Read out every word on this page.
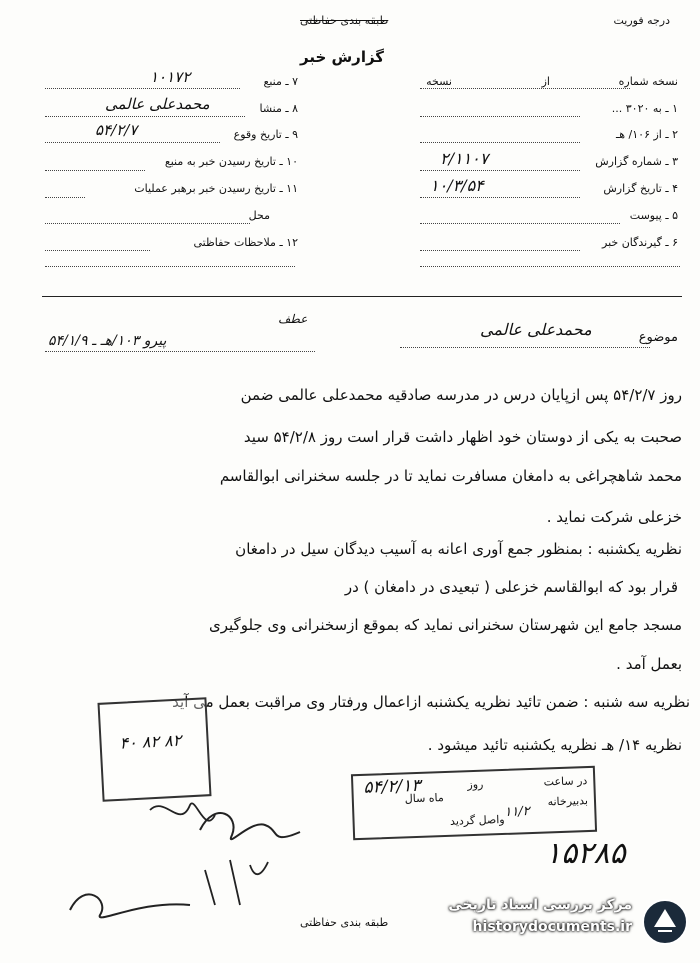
درجه فوریت
طبقه بندی حفاظتی
گزارش خبر
نسخه شماره
از
نسخه
۱ ـ به ۳۰۲۰ ...
۲ ـ از ۱۰۶/ هـ
۳ ـ شماره گزارش
۲/۱۱۰۷
۴ ـ تاریخ گزارش
۱۰/۳/۵۴
۵ ـ پیوست
۶ ـ گیرندگان خبر
۷ ـ منبع
۱۰۱۷۲
۸ ـ منشا
محمدعلی عالمی
۹ ـ تاریخ وقوع
۵۴/۲/۷
۱۰ ـ تاریخ رسیدن خبر به منبع
۱۱ ـ تاریخ رسیدن خبر برهبر عملیات
محل
۱۲ ـ ملاحظات حفاظتی
عطف
پیرو ۱۰۳/هـ ـ ۵۴/۱/۹	موضوع
محمدعلی عالمی
روز ۵۴/۲/۷ پس ازپایان درس در مدرسه صادقیه محمدعلی عالمی ضمن
صحبت به یکی از دوستان خود اظهار داشت قرار است روز ۵۴/۲/۸ سید
محمد شاهچراغی به دامغان مسافرت نماید تا در جلسه سخنرانی ابوالقاسم
خزعلی شرکت نماید .
نظریه یکشنبه : بمنظور جمع آوری اعانه به آسیب دیدگان سیل در دامغان
قرار بود که ابوالقاسم خزعلی ( تبعیدی در دامغان ) در
مسجد جامع این شهرستان سخنرانی نماید که بموقع ازسخنرانی وی جلوگیری
بعمل آمد .
نظریه سه شنبه : ضمن تائید نظریه یکشنبه ازاعمال ورفتار وی مراقبت بعمل می آید
نظریه ۱۴/ هـ نظریه یکشنبه تائید میشود .
۴۰ ۸۲ ۸۲
در ساعت
روز
ماه سال	بدبیرخانه
واصل گردید
۵۴/۲/۱۳
۱۱/۲
۱۵۲۸۵
طبقه بندی حفاظتی
مرکز بررسی اسناد تاریخی
historydocuments.ir
